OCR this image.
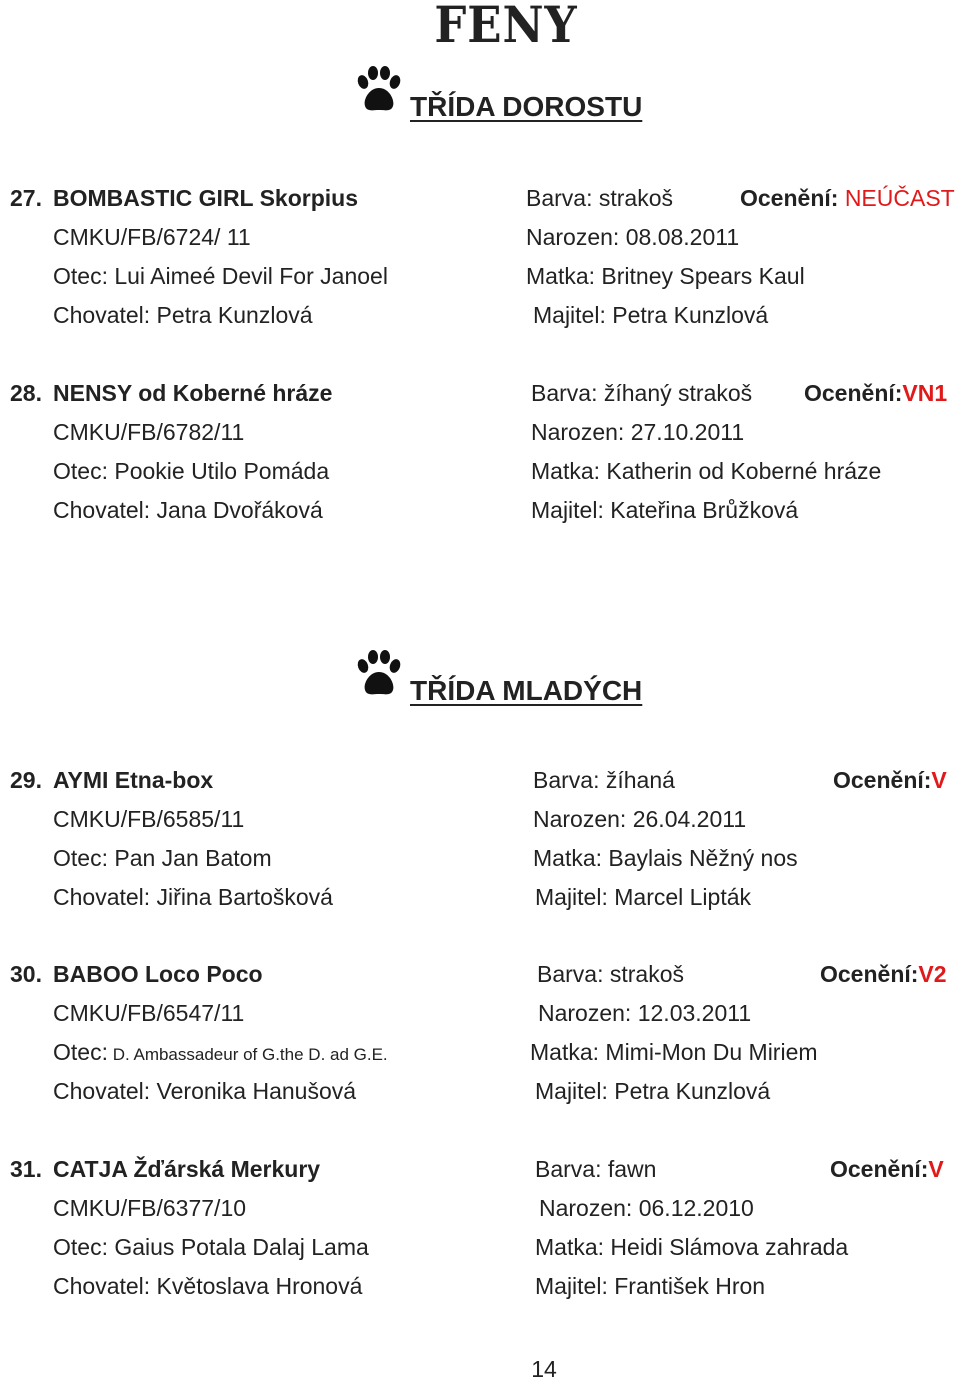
FENY
TŘÍDA DOROSTU
27. BOMBASTIC GIRL Skorpius	Barva: strakoš	Ocenění: NEÚČAST
CMKU/FB/6724/ 11	Narozen: 08.08.2011
Otec: Lui Aimeé Devil For Janoel	Matka: Britney Spears Kaul
Chovatel: Petra Kunzlová	Majitel: Petra Kunzlová
28. NENSY od Koberné hráze	Barva: žíhaný strakoš Ocenění:VN1
CMKU/FB/6782/11	Narozen: 27.10.2011
Otec: Pookie Utilo Pomáda	Matka: Katherin od Koberné hráze
Chovatel: Jana Dvořáková	Majitel: Kateřina Brůžková
TŘÍDA MLADÝCH
29. AYMI Etna-box	Barva: žíhaná	Ocenění:V
CMKU/FB/6585/11	Narozen: 26.04.2011
Otec: Pan Jan Batom	Matka: Baylais Něžný nos
Chovatel: Jiřina Bartošková	Majitel: Marcel Lipták
30. BABOO Loco Poco	Barva: strakoš	Ocenění:V2
CMKU/FB/6547/11	Narozen: 12.03.2011
Otec: D. Ambassadeur of G.the D. ad G.E.	Matka: Mimi-Mon Du Miriem
Chovatel: Veronika Hanušová	Majitel: Petra Kunzlová
31. CATJA Žďárská Merkury	Barva: fawn	Ocenění:V
CMKU/FB/6377/10	Narozen: 06.12.2010
Otec: Gaius Potala Dalaj Lama	Matka: Heidi Slámova zahrada
Chovatel: Květoslava Hronová	Majitel: František Hron
14
